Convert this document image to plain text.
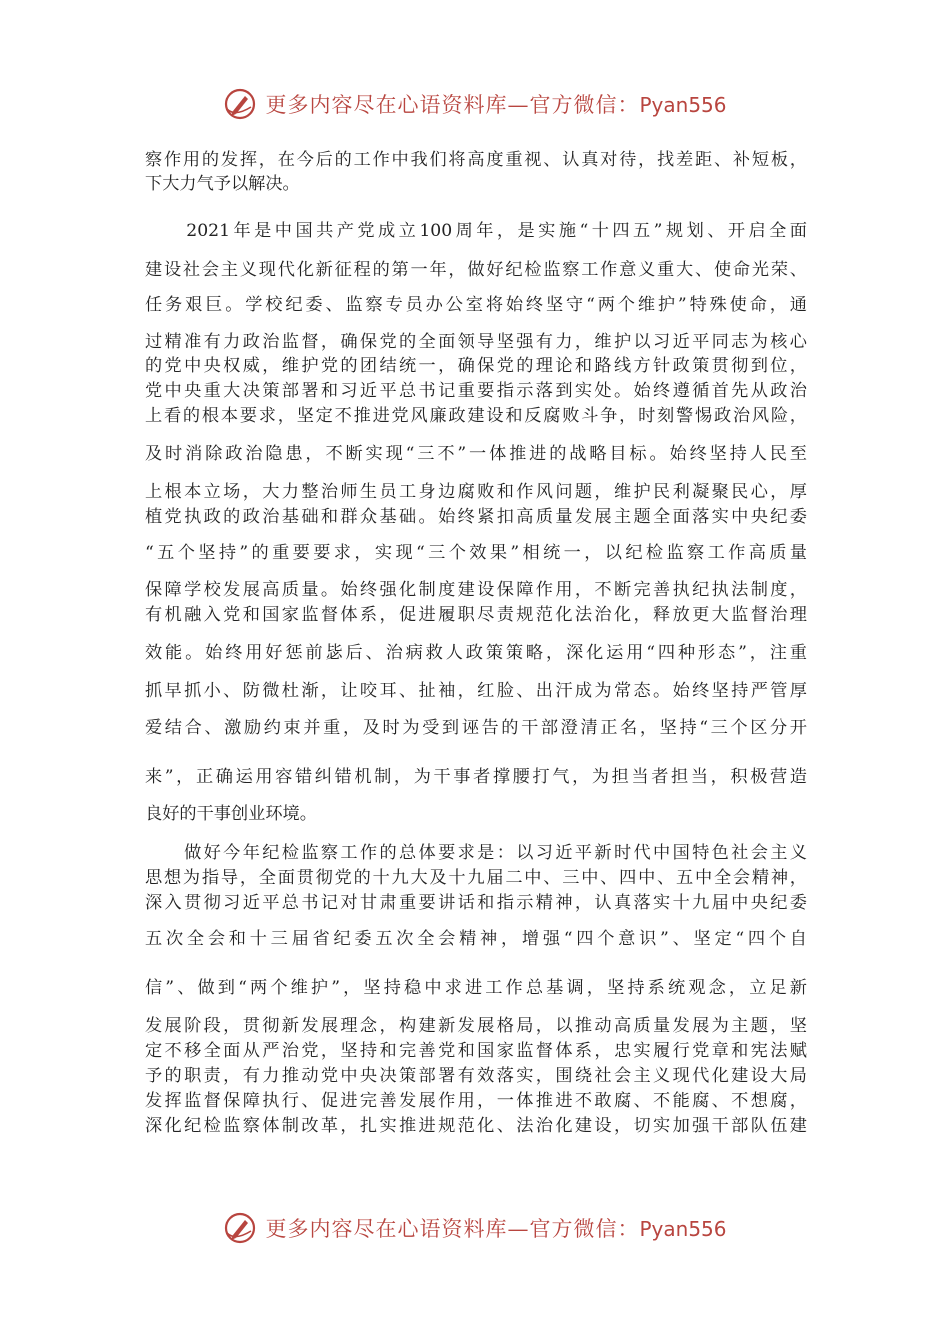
更多内容尽在心语资料库—官方微信：Pyan556
察作用的发挥，在今后的工作中我们将高度重视、认真对待，找差距、补短板，
下大力气予以解决。
　　2021年是中国共产党成立100周年，是实施“十四五”规划、开启全面
建设社会主义现代化新征程的第一年，做好纪检监察工作意义重大、使命光荣、
任务艰巨。学校纪委、监察专员办公室将始终坚守“两个维护”特殊使命，通
过精准有力政治监督，确保党的全面领导坚强有力，维护以习近平同志为核心
的党中央权威，维护党的团结统一，确保党的理论和路线方针政策贯彻到位，
党中央重大决策部署和习近平总书记重要指示落到实处。始终遵循首先从政治
上看的根本要求，坚定不推进党风廉政建设和反腐败斗争，时刻警惕政治风险，
及时消除政治隐患，不断实现“三不”一体推进的战略目标。始终坚持人民至
上根本立场，大力整治师生员工身边腐败和作风问题，维护民利凝聚民心，厚
植党执政的政治基础和群众基础。始终紧扣高质量发展主题全面落实中央纪委
“五个坚持”的重要要求，实现“三个效果”相统一，以纪检监察工作高质量
保障学校发展高质量。始终强化制度建设保障作用，不断完善执纪执法制度，
有机融入党和国家监督体系，促进履职尽责规范化法治化，释放更大监督治理
效能。始终用好惩前毖后、治病救人政策策略，深化运用“四种形态”，注重
抓早抓小、防微杜渐，让咬耳、扯袖，红脸、出汗成为常态。始终坚持严管厚
爱结合、激励约束并重，及时为受到诬告的干部澄清正名，坚持“三个区分开
来”，正确运用容错纠错机制，为干事者撑腰打气，为担当者担当，积极营造
良好的干事创业环境。
　　做好今年纪检监察工作的总体要求是：以习近平新时代中国特色社会主义
思想为指导，全面贯彻党的十九大及十九届二中、三中、四中、五中全会精神，
深入贯彻习近平总书记对甘肃重要讲话和指示精神，认真落实十九届中央纪委
五次全会和十三届省纪委五次全会精神，增强“四个意识”、坚定“四个自
信”、做到“两个维护”，坚持稳中求进工作总基调，坚持系统观念，立足新
发展阶段，贯彻新发展理念，构建新发展格局，以推动高质量发展为主题，坚
定不移全面从严治党，坚持和完善党和国家监督体系，忠实履行党章和宪法赋
予的职责，有力推动党中央决策部署有效落实，围绕社会主义现代化建设大局
发挥监督保障执行、促进完善发展作用，一体推进不敢腐、不能腐、不想腐，
深化纪检监察体制改革，扎实推进规范化、法治化建设，切实加强干部队伍建
更多内容尽在心语资料库—官方微信：Pyan556
